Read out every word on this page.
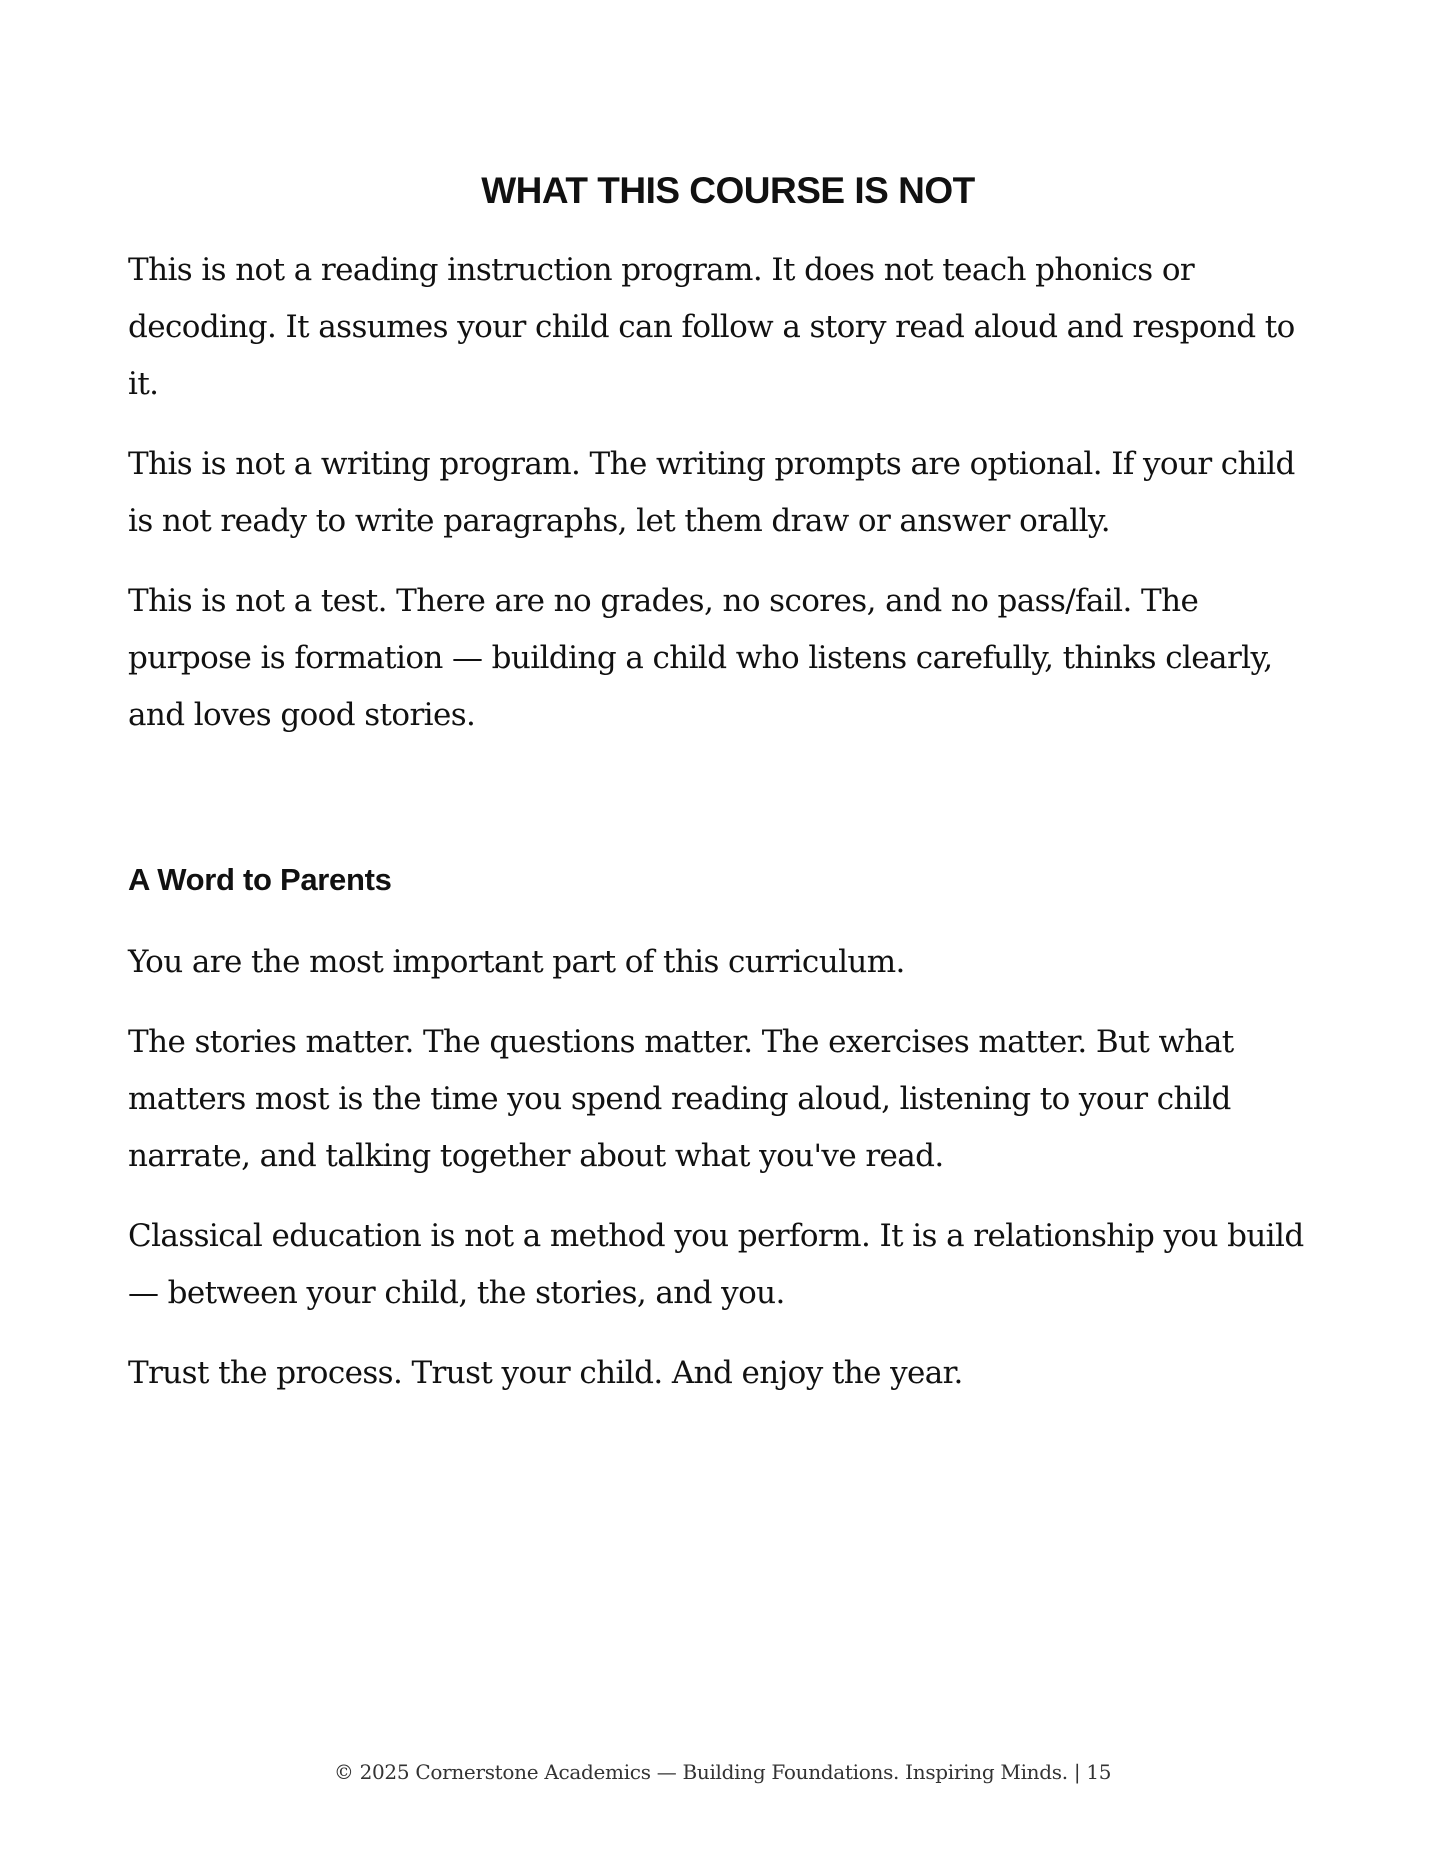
WHAT THIS COURSE IS NOT

This is not a reading instruction program. It does not teach phonics or decoding. It assumes your child can follow a story read aloud and respond to it.

This is not a writing program. The writing prompts are optional. If your child is not ready to write paragraphs, let them draw or answer orally.

This is not a test. There are no grades, no scores, and no pass/fail. The purpose is formation — building a child who listens carefully, thinks clearly, and loves good stories.

A Word to Parents

You are the most important part of this curriculum.

The stories matter. The questions matter. The exercises matter. But what matters most is the time you spend reading aloud, listening to your child narrate, and talking together about what you've read.

Classical education is not a method you perform. It is a relationship you build — between your child, the stories, and you.

Trust the process. Trust your child. And enjoy the year.

© 2025 Cornerstone Academics — Building Foundations. Inspiring Minds. | 15
